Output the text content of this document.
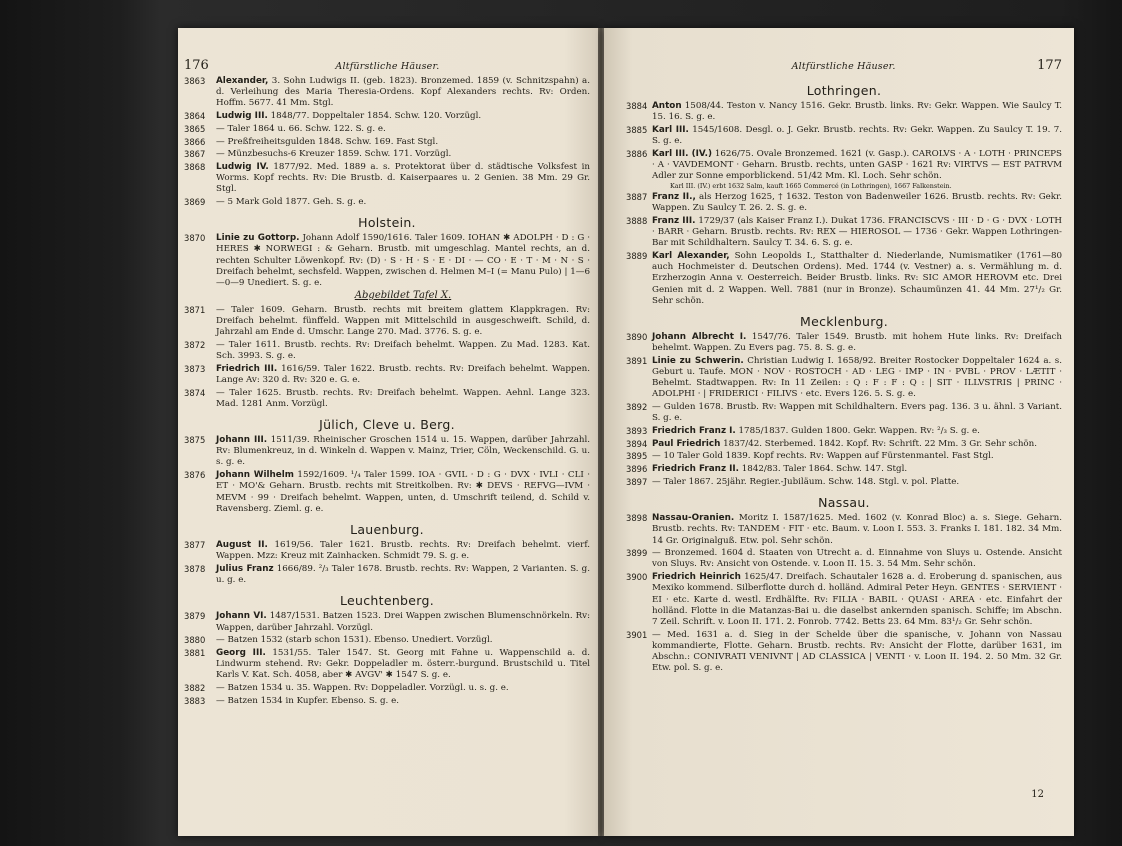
176	Altfürstliche Häuser.
3863	Alexander, 3. Sohn Ludwigs II. (geb. 1823). Bronzemed. 1859 (v. Schnitzspahn) a. d. Verleihung des Maria Theresia-Ordens. Kopf Alexanders rechts. Rv: Orden. Hoffm. 5677. 41 Mm. Stgl.
3864	Ludwig III. 1848/77. Doppeltaler 1854. Schw. 120. Vorzügl.
3865	— Taler 1864 u. 66. Schw. 122. S. g. e.
3866	— Preßfreiheitsgulden 1848. Schw. 169. Fast Stgl.
3867	— Münzbesuchs-6 Kreuzer 1859. Schw. 171. Vorzügl.
3868	Ludwig IV. 1877/92. Med. 1889 a. s. Protektorat über d. städtische Volksfest in Worms. Kopf rechts. Rv: Die Brustb. d. Kaiserpaares u. 2 Genien. 38 Mm. 29 Gr. Stgl.
3869	— 5 Mark Gold 1877. Geh. S. g. e.
Holstein.
3870	Linie zu Gottorp. Johann Adolf 1590/1616. Taler 1609. IOHAN ✱ ADOLPH · D : G · HERES ✱ NORWEGI : & Geharn. Brustb. mit umgeschlag. Mantel rechts, an d. rechten Schulter Löwenkopf. Rv: (D) · S · H · S · E · DI · — CO · E · T · M · N · S · Dreifach behelmt, sechsfeld. Wappen, zwischen d. Helmen M–I (= Manu Pulo) | 1—6—0—9 Unediert. S. g. e.
Abgebildet Tafel X.
3871	— Taler 1609. Geharn. Brustb. rechts mit breitem glattem Klappkragen. Rv: Dreifach behelmt. fünffeld. Wappen mit Mittelschild in ausgeschweift. Schild, d. Jahrzahl am Ende d. Umschr. Lange 270. Mad. 3776. S. g. e.
3872	— Taler 1611. Brustb. rechts. Rv: Dreifach behelmt. Wappen. Zu Mad. 1283. Kat. Sch. 3993. S. g. e.
3873	Friedrich III. 1616/59. Taler 1622. Brustb. rechts. Rv: Dreifach behelmt. Wappen. Lange Av: 320 d. Rv: 320 e. G. e.
3874	— Taler 1625. Brustb. rechts. Rv: Dreifach behelmt. Wappen. Aehnl. Lange 323. Mad. 1281 Anm. Vorzügl.
Jülich, Cleve u. Berg.
3875	Johann III. 1511/39. Rheinischer Groschen 1514 u. 15. Wappen, darüber Jahrzahl. Rv: Blumenkreuz, in d. Winkeln d. Wappen v. Mainz, Trier, Cöln, Weckenschild. G. u. s. g. e.
3876	Johann Wilhelm 1592/1609. ¹/₄ Taler 1599. IOA · GVIL · D : G · DVX · IVLI · CLI · ET · MO'& Geharn. Brustb. rechts mit Streitkolben. Rv: ✱ DEVS · REFVG—IVM · MEVM · 99 · Dreifach behelmt. Wappen, unten, d. Umschrift teilend, d. Schild v. Ravensberg. Zieml. g. e.
Lauenburg.
3877	August II. 1619/56. Taler 1621. Brustb. rechts. Rv: Dreifach behelmt. vierf. Wappen. Mzz: Kreuz mit Zainhacken. Schmidt 79. S. g. e.
3878	Julius Franz 1666/89. ²/₃ Taler 1678. Brustb. rechts. Rv: Wappen, 2 Varianten. S. g. u. g. e.
Leuchtenberg.
3879	Johann VI. 1487/1531. Batzen 1523. Drei Wappen zwischen Blumenschnörkeln. Rv: Wappen, darüber Jahrzahl. Vorzügl.
3880	— Batzen 1532 (starb schon 1531). Ebenso. Unediert. Vorzügl.
3881	Georg III. 1531/55. Taler 1547. St. Georg mit Fahne u. Wappenschild a. d. Lindwurm stehend. Rv: Gekr. Doppeladler m. österr.-burgund. Brustschild u. Titel Karls V. Kat. Sch. 4058, aber ✱ AVGV' ✱ 1547 S. g. e.
3882	— Batzen 1534 u. 35. Wappen. Rv: Doppeladler. Vorzügl. u. s. g. e.
3883	— Batzen 1534 in Kupfer. Ebenso. S. g. e.
Altfürstliche Häuser.	177
Lothringen.
3884 Anton 1508/44. Teston v. Nancy 1516. Gekr. Brustb. links. Rv: Gekr. Wappen. Wie Saulcy T. 15. 16. S. g. e.
3885 Karl III. 1545/1608. Desgl. o. J. Gekr. Brustb. rechts. Rv: Gekr. Wappen. Zu Saulcy T. 19. 7. S. g. e.
3886 Karl III. (IV.) 1626/75. Ovale Bronzemed. 1621 (v. Gasp.). CAROLVS · A · LOTH · PRINCEPS · A · VAVDEMONT · Geharn. Brustb. rechts, unten GASP · 1621 Rv: VIRTVS — EST PATRVM Adler zur Sonne emporblickend. 51/42 Mm. Kl. Loch. Sehr schön.
Karl III. (IV.) erbt 1632 Salm, kauft 1665 Commercé (in Lothringen), 1667 Falkenstein.
3887 Franz II., als Herzog 1625, † 1632. Teston von Badenweiler 1626. Brustb. rechts. Rv: Gekr. Wappen. Zu Saulcy T. 26. 2. S. g. e.
3888 Franz III. 1729/37 (als Kaiser Franz I.). Dukat 1736. FRANCISCVS · III · D · G · DVX · LOTH · BARR · Geharn. Brustb. rechts. Rv: REX — HIEROSOL — 1736 · Gekr. Wappen Lothringen-Bar mit Schildhaltern. Saulcy T. 34. 6. S. g. e.
3889 Karl Alexander, Sohn Leopolds I., Statthalter d. Niederlande, Numismatiker (1761—80 auch Hochmeister d. Deutschen Ordens). Med. 1744 (v. Vestner) a. s. Vermählung m. d. Erzherzogin Anna v. Oesterreich. Beider Brustb. links. Rv: SIC AMOR HEROVM etc. Drei Genien mit d. 2 Wappen. Well. 7881 (nur in Bronze). Schaumünzen 41. 44 Mm. 27¹/₂ Gr. Sehr schön.
Mecklenburg.
3890 Johann Albrecht I. 1547/76. Taler 1549. Brustb. mit hohem Hute links. Rv: Dreifach behelmt. Wappen. Zu Evers pag. 75. 8. S. g. e.
3891 Linie zu Schwerin. Christian Ludwig I. 1658/92. Breiter Rostocker Doppeltaler 1624 a. s. Geburt u. Taufe. MON · NOV · ROSTOCH · AD · LEG · IMP · IN · PVBL · PROV · LÆTIT · Behelmt. Stadtwappen. Rv: In 11 Zeilen: : Q : F : F : Q : | SIT · ILLVSTRIS | PRINC · ADOLPHI · | FRIDERICI · FILIVS · etc. Evers 126. 5. S. g. e.
3892 — Gulden 1678. Brustb. Rv: Wappen mit Schildhaltern. Evers pag. 136. 3 u. ähnl. 3 Variant. S. g. e.
3893 Friedrich Franz I. 1785/1837. Gulden 1800. Gekr. Wappen. Rv: ²/₃ S. g. e.
3894 Paul Friedrich 1837/42. Sterbemed. 1842. Kopf. Rv: Schrift. 22 Mm. 3 Gr. Sehr schön.
3895 — 10 Taler Gold 1839. Kopf rechts. Rv: Wappen auf Fürstenmantel. Fast Stgl.
3896 Friedrich Franz II. 1842/83. Taler 1864. Schw. 147. Stgl.
3897 — Taler 1867. 25jähr. Regier.-Jubiläum. Schw. 148. Stgl. v. pol. Platte.
Nassau.
3898 Nassau-Oranien. Moritz I. 1587/1625. Med. 1602 (v. Konrad Bloc) a. s. Siege. Geharn. Brustb. rechts. Rv: TANDEM · FIT · etc. Baum. v. Loon I. 553. 3. Franks I. 181. 182. 34 Mm. 14 Gr. Originalguß. Etw. pol. Sehr schön.
3899 — Bronzemed. 1604 d. Staaten von Utrecht a. d. Einnahme von Sluys u. Ostende. Ansicht von Sluys. Rv: Ansicht von Ostende. v. Loon II. 15. 3. 54 Mm. Sehr schön.
3900 Friedrich Heinrich 1625/47. Dreifach. Schautaler 1628 a. d. Eroberung d. spanischen, aus Mexiko kommend. Silberflotte durch d. holländ. Admiral Peter Heyn. GENTES · SERVIENT · EI · etc. Karte d. westl. Erdhälfte. Rv: FILIA · BABIL · QUASI · AREA · etc. Einfahrt der holländ. Flotte in die Matanzas-Bai u. die daselbst ankernden spanisch. Schiffe; im Abschn. 7 Zeil. Schrift. v. Loon II. 171. 2. Fonrob. 7742. Betts 23. 64 Mm. 83¹/₂ Gr. Sehr schön.
3901 — Med. 1631 a. d. Sieg in der Schelde über die spanische, v. Johann von Nassau kommandierte, Flotte. Geharn. Brustb. rechts. Rv: Ansicht der Flotte, darüber 1631, im Abschn.: CONIVRATI VENIVNT | AD CLASSICA | VENTI · v. Loon II. 194. 2. 50 Mm. 32 Gr. Etw. pol. S. g. e.
12
